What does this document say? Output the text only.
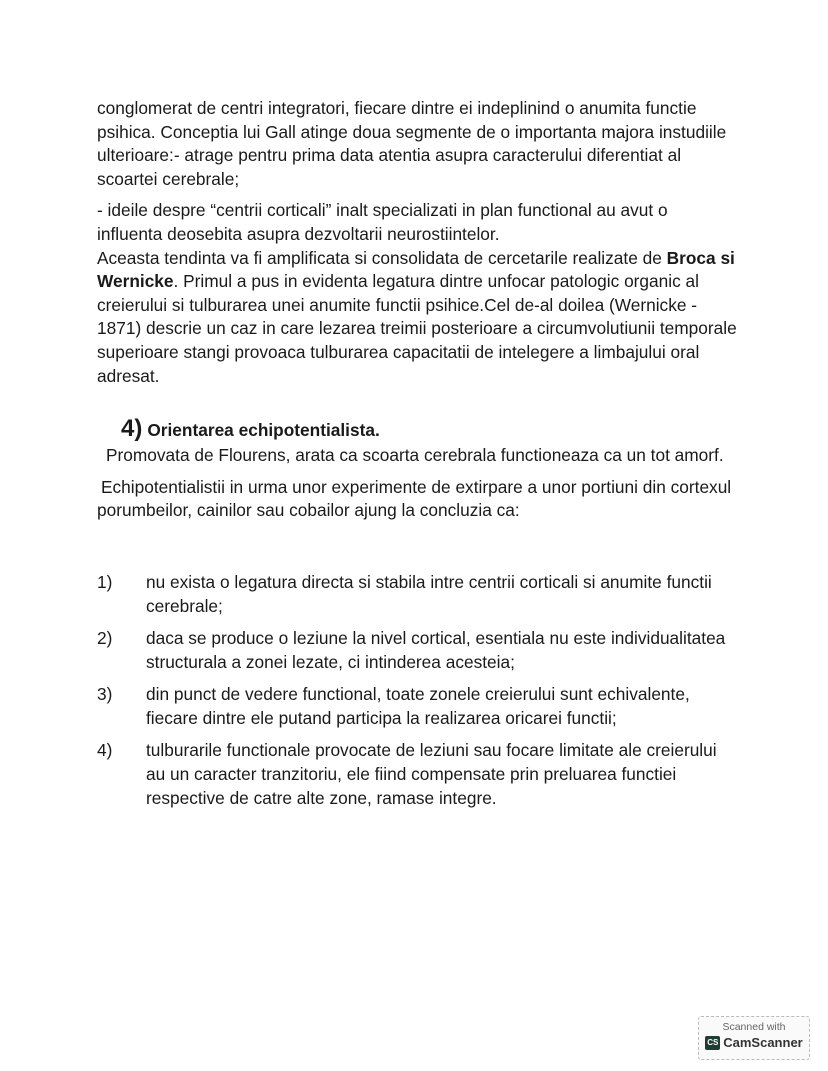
conglomerat de centri integratori, fiecare dintre ei indeplinind o anumita functie psihica. Conceptia lui Gall atinge doua segmente de o importanta majora instudiile ulterioare:- atrage pentru prima data atentia asupra caracterului diferentiat al scoartei cerebrale;

- ideile despre “centrii corticali” inalt specializati in plan functional au avut o influenta deosebita asupra dezvoltarii neurostiintelor.

Aceasta tendinta va fi amplificata si consolidata de cercetarile realizate de Broca si Wernicke. Primul a pus in evidenta legatura dintre unfocar patologic organic al creierului si tulburarea unei anumite functii psihice.Cel de-al doilea (Wernicke - 1871) descrie un caz in care lezarea treimii posterioare a circumvolutiunii temporale superioare stangi provoaca tulburarea capacitatii de intelegere a limbajului oral adresat.

4) Orientarea echipotentialista.

Promovata de Flourens, arata ca scoarta cerebrala functioneaza ca un tot amorf.

Echipotentialistii in urma unor experimente de extirpare a unor portiuni din cortexul porumbeilor, cainilor sau cobailor ajung la concluzia ca:

1)	nu exista o legatura directa si stabila intre centrii corticali si anumite functii cerebrale;
2)	daca se produce o leziune la nivel cortical, esentiala nu este individualitatea structurala a zonei lezate, ci intinderea acesteia;
3)	din punct de vedere functional, toate zonele creierului sunt echivalente, fiecare dintre ele putand participa la realizarea oricarei functii;
4)	tulburarile functionale provocate de leziuni sau focare limitate ale creierului au un caracter tranzitoriu, ele fiind compensate prin preluarea functiei respective de catre alte zone, ramase integre.
Scanned with
CS CamScanner
